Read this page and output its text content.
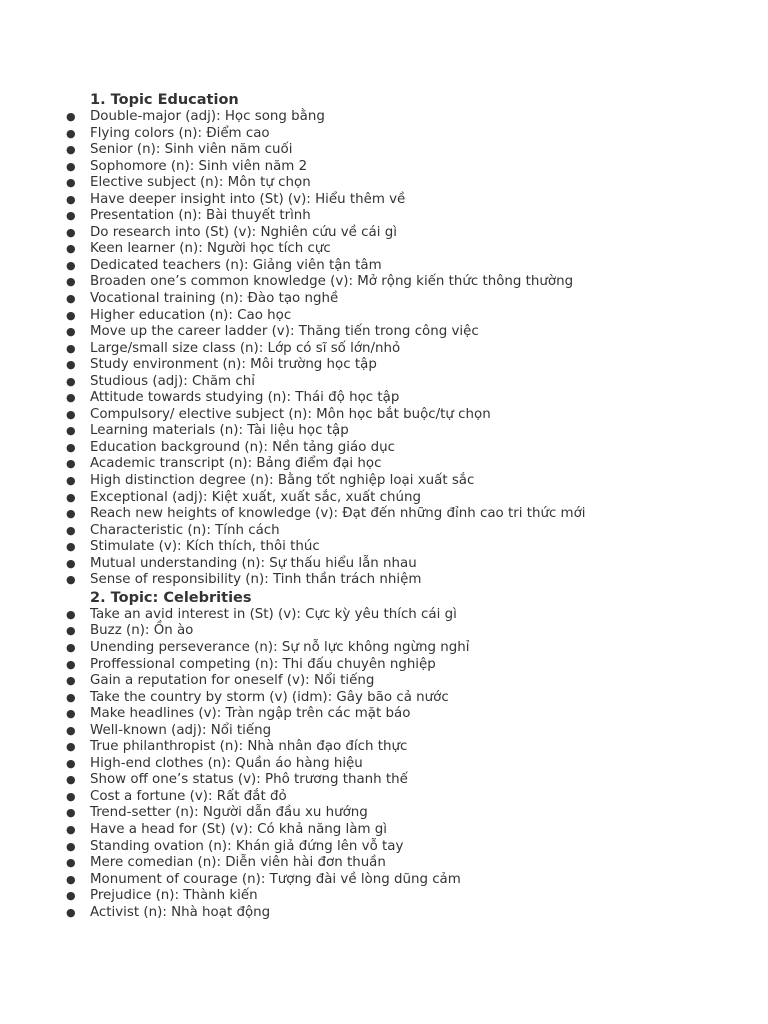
1. Topic Education
● Double-major (adj): Học song bằng
● Flying colors (n): Điểm cao
● Senior (n): Sinh viên năm cuối
● Sophomore (n): Sinh viên năm 2
● Elective subject (n): Môn tự chọn
● Have deeper insight into (St) (v): Hiểu thêm về
● Presentation (n): Bài thuyết trình
● Do research into (St) (v): Nghiên cứu về cái gì
● Keen learner (n): Người học tích cực
● Dedicated teachers (n): Giảng viên tận tâm
● Broaden one’s common knowledge (v): Mở rộng kiến thức thông thường
● Vocational training (n): Đào tạo nghề
● Higher education (n): Cao học
● Move up the career ladder (v): Thăng tiến trong công việc
● Large/small size class (n): Lớp có sĩ số lớn/nhỏ
● Study environment (n): Môi trường học tập
● Studious (adj): Chăm chỉ
● Attitude towards studying (n): Thái độ học tập
● Compulsory/ elective subject (n): Môn học bắt buộc/tự chọn
● Learning materials (n): Tài liệu học tập
● Education background (n): Nền tảng giáo dục
● Academic transcript (n): Bảng điểm đại học
● High distinction degree (n): Bằng tốt nghiệp loại xuất sắc
● Exceptional (adj): Kiệt xuất, xuất sắc, xuất chúng
● Reach new heights of knowledge (v): Đạt đến những đỉnh cao tri thức mới
● Characteristic (n): Tính cách
● Stimulate (v): Kích thích, thôi thúc
● Mutual understanding (n): Sự thấu hiểu lẫn nhau
● Sense of responsibility (n): Tinh thần trách nhiệm
2. Topic: Celebrities
● Take an avid interest in (St) (v): Cực kỳ yêu thích cái gì
● Buzz (n): Ồn ào
● Unending perseverance (n): Sự nỗ lực không ngừng nghỉ
● Proffessional competing (n): Thi đấu chuyên nghiệp
● Gain a reputation for oneself (v): Nổi tiếng
● Take the country by storm (v) (idm): Gây bão cả nước
● Make headlines (v): Tràn ngập trên các mặt báo
● Well-known (adj): Nổi tiếng
● True philanthropist (n): Nhà nhân đạo đích thực
● High-end clothes (n): Quần áo hàng hiệu
● Show off one’s status (v): Phô trương thanh thế
● Cost a fortune (v): Rất đắt đỏ
● Trend-setter (n): Người dẫn đầu xu hướng
● Have a head for (St) (v): Có khả năng làm gì
● Standing ovation (n): Khán giả đứng lên vỗ tay
● Mere comedian (n): Diễn viên hài đơn thuần
● Monument of courage (n): Tượng đài về lòng dũng cảm
● Prejudice (n): Thành kiến
● Activist (n): Nhà hoạt động
